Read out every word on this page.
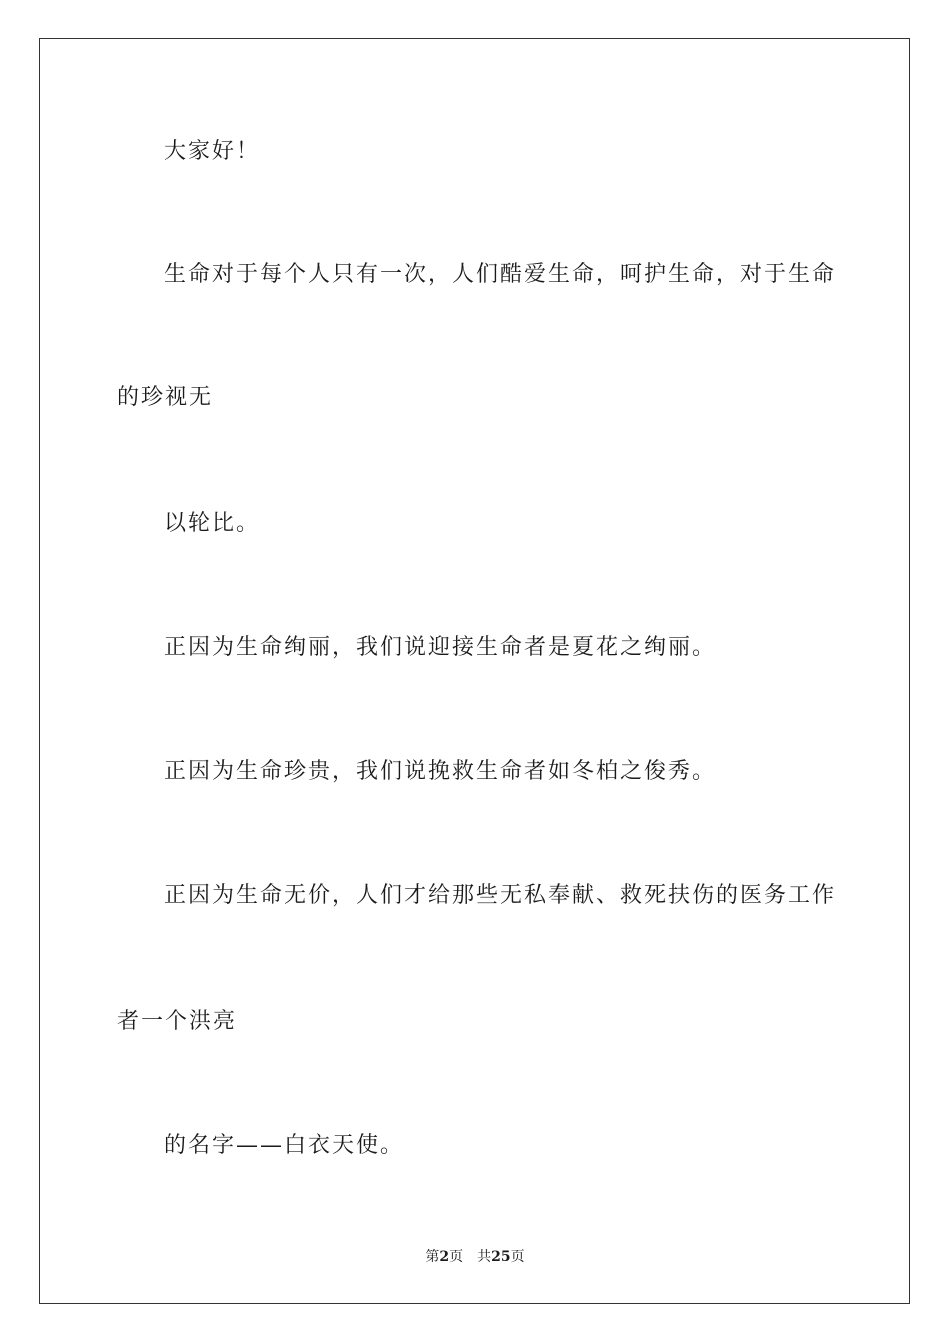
大家好！
生命对于每个人只有一次，人们酷爱生命，呵护生命，对于生命
的珍视无
以轮比。
正因为生命绚丽，我们说迎接生命者是夏花之绚丽。
正因为生命珍贵，我们说挽救生命者如冬柏之俊秀。
正因为生命无价，人们才给那些无私奉献、救死扶伤的医务工作
者一个洪亮
的名字——白衣天使。
第2页 共25页
